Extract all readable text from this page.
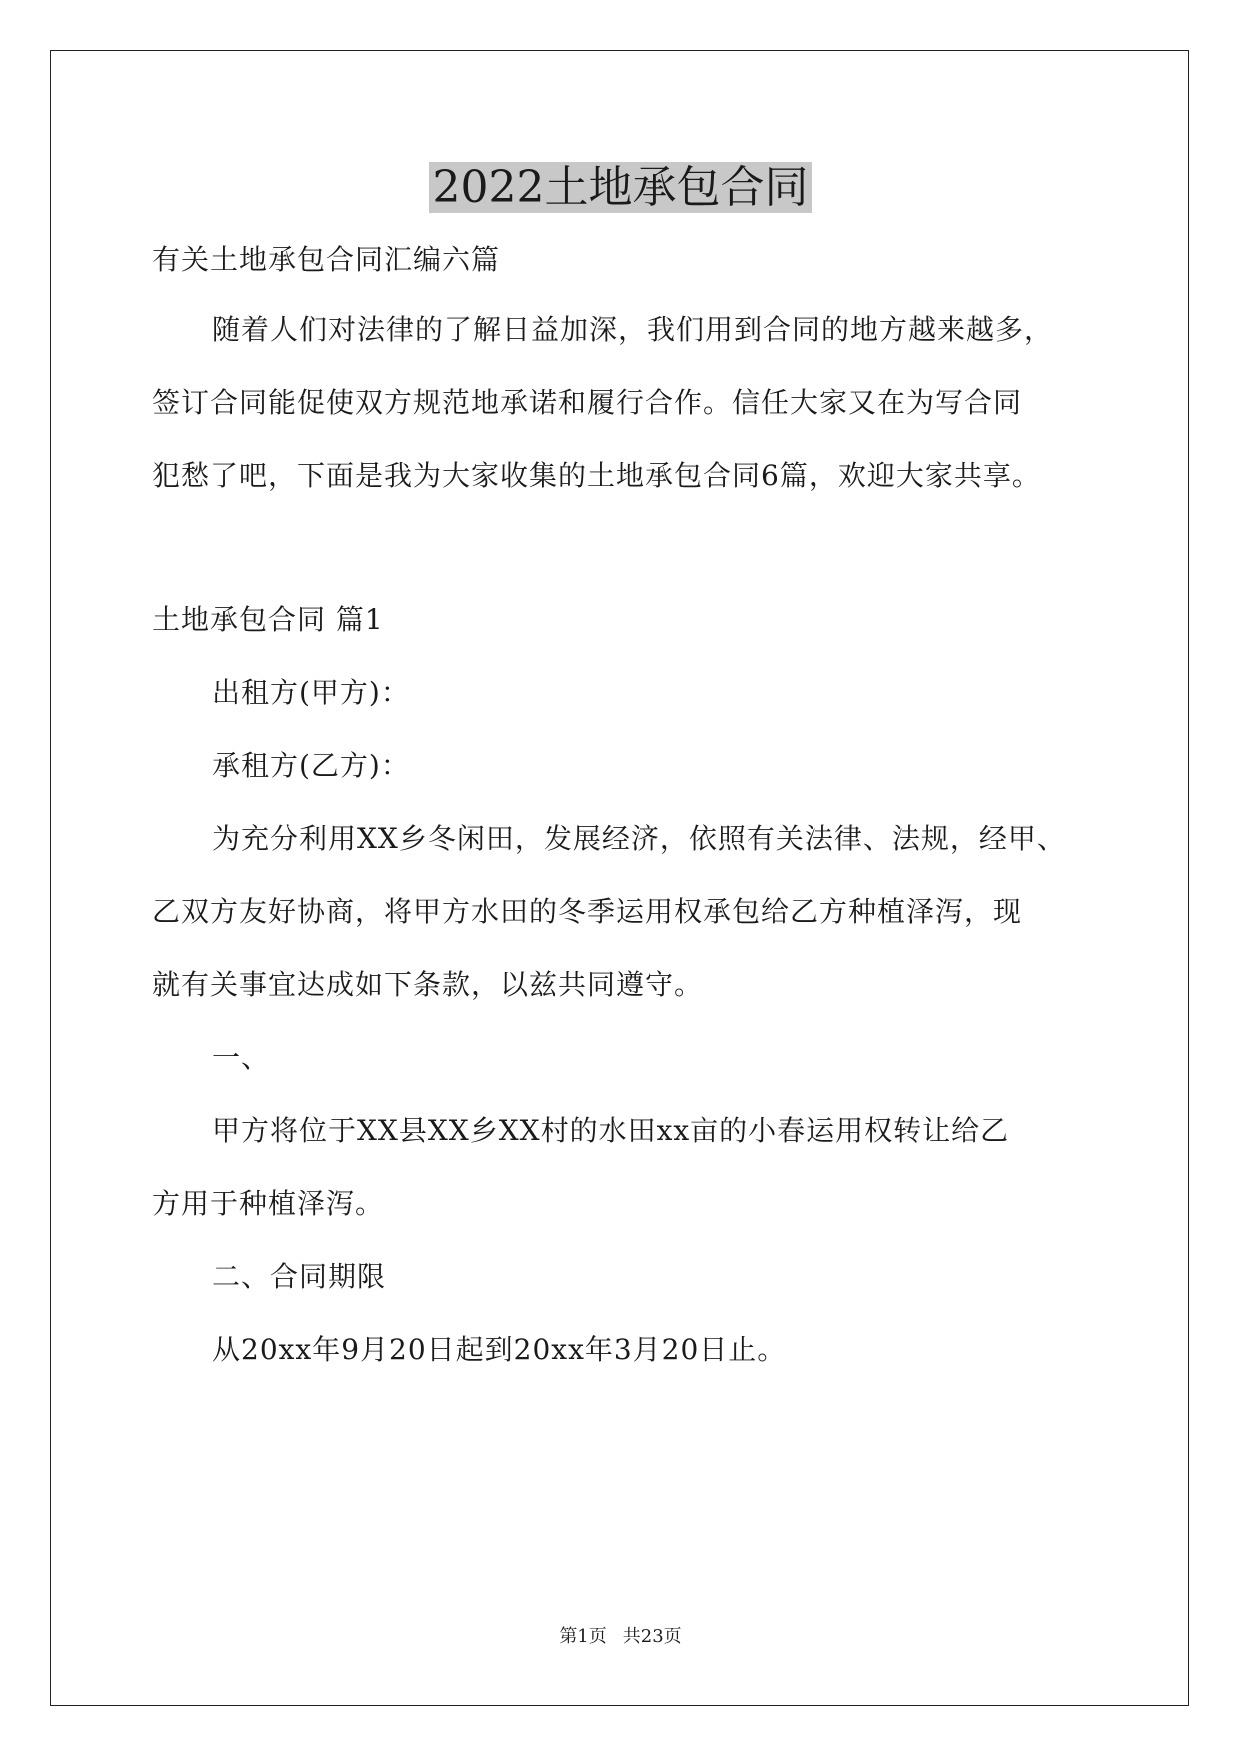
2022土地承包合同
有关土地承包合同汇编六篇
随着人们对法律的了解日益加深，我们用到合同的地方越来越多，
签订合同能促使双方规范地承诺和履行合作。信任大家又在为写合同
犯愁了吧，下面是我为大家收集的土地承包合同6篇，欢迎大家共享。
土地承包合同 篇1
出租方(甲方)：
承租方(乙方)：
为充分利用XX乡冬闲田，发展经济，依照有关法律、法规，经甲、
乙双方友好协商，将甲方水田的冬季运用权承包给乙方种植泽泻，现
就有关事宜达成如下条款，以兹共同遵守。
一、
甲方将位于XX县XX乡XX村的水田xx亩的小春运用权转让给乙
方用于种植泽泻。
二、合同期限
从20xx年9月20日起到20xx年3月20日止。
第1页 共23页
